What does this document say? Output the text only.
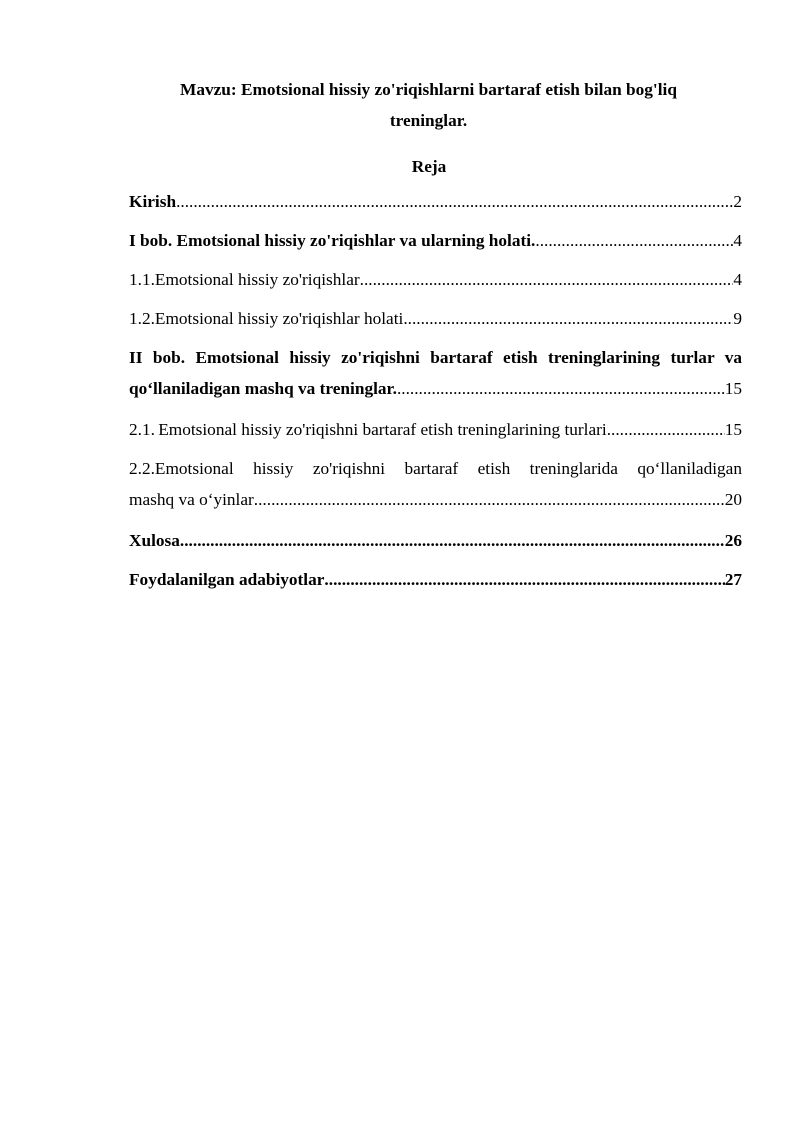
Mavzu: Emotsional hissiy zo'riqishlarni bartaraf etish bilan bog'liq
treninglar.
Reja
Kirish .....	2
I bob. Emotsional hissiy zo'riqishlar va ularning holati. .....	4
1.1.Emotsional hissiy zo'riqishlar .....	4
1.2.Emotsional hissiy zo'riqishlar holati .....	9
II bob. Emotsional hissiy zo'riqishni bartaraf etish treninglarining turlar va
qo‘llaniladigan mashq va treninglar. .....	15
2.1. Emotsional hissiy zo'riqishni bartaraf etish treninglarining turlari .....	15
2.2.Emotsional hissiy zo'riqishni bartaraf etish treninglarida qo‘llaniladigan
mashq va o‘yinlar .....	20
Xulosa .....	26
Foydalanilgan adabiyotlar .....	27
